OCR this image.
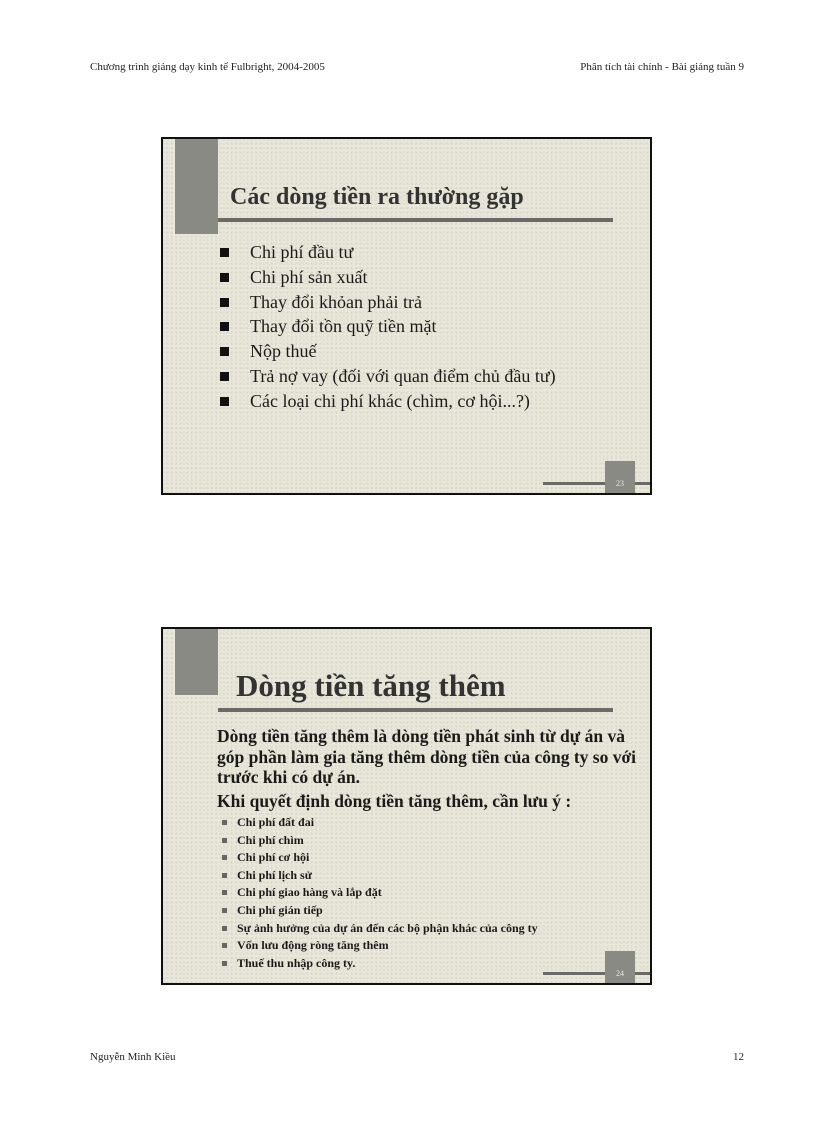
Chương trình giảng dạy kinh tế Fulbright, 2004-2005	Phân tích tài chính - Bài giảng tuần 9
Các dòng tiền ra thường gặp
Chi phí đầu tư
Chi phí sản xuất
Thay đổi khỏan phải trả
Thay đổi tồn quỹ tiền mặt
Nộp thuế
Trả nợ vay (đối với quan điểm chủ đầu tư)
Các loại chi phí khác (chìm, cơ hội...?)
23
Dòng tiền tăng thêm
Dòng tiền tăng thêm là dòng tiền phát sinh từ dự án và góp phần làm gia tăng thêm dòng tiền của công ty so với trước khi có dự án.
Khi quyết định dòng tiền tăng thêm, cần lưu ý :
Chi phí đất đai
Chi phí chìm
Chi phí cơ hội
Chi phí lịch sử
Chi phí giao hàng và lắp đặt
Chi phí gián tiếp
Sự ảnh hưởng của dự án đến các bộ phận khác của công ty
Vốn lưu động ròng tăng thêm
Thuế thu nhập công ty.
24
Nguyễn Minh Kiều	12
